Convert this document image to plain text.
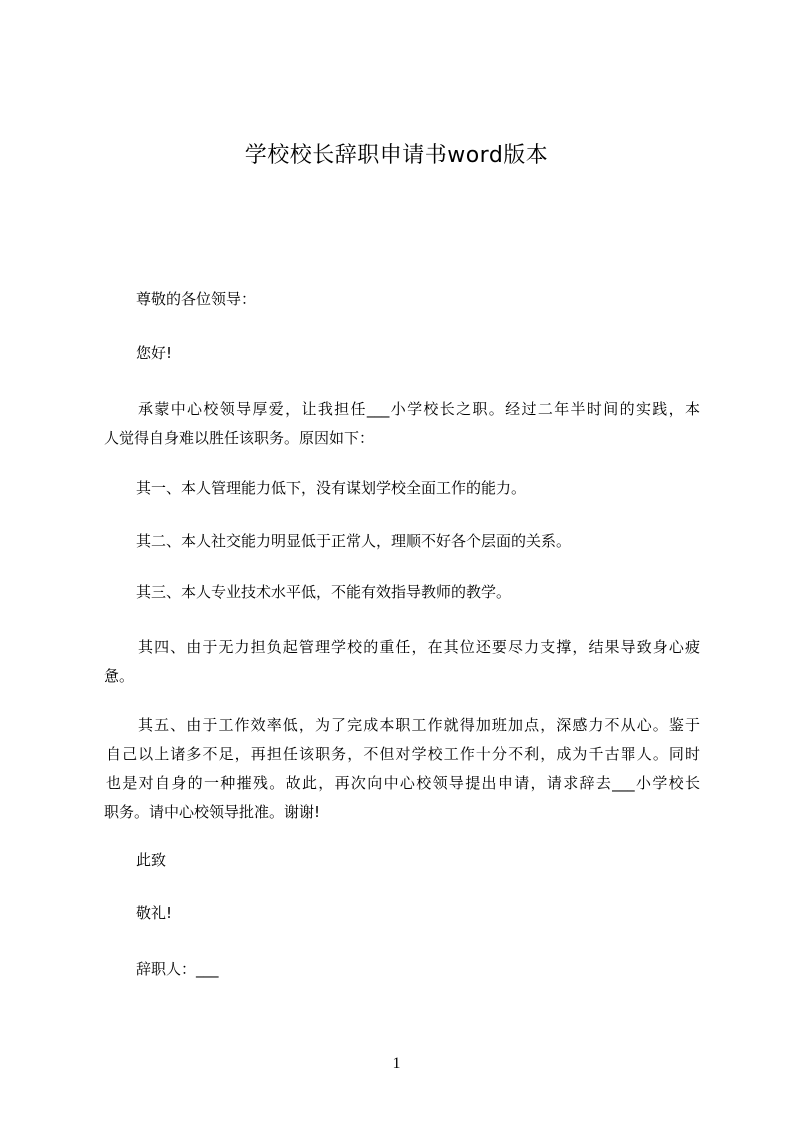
学校校长辞职申请书word版本
尊敬的各位领导：
您好!
承蒙中心校领导厚爱，让我担任___小学校长之职。经过二年半时间的实践，本
人觉得自身难以胜任该职务。原因如下：
其一、本人管理能力低下，没有谋划学校全面工作的能力。
其二、本人社交能力明显低于正常人，理顺不好各个层面的关系。
其三、本人专业技术水平低，不能有效指导教师的教学。
其四、由于无力担负起管理学校的重任，在其位还要尽力支撑，结果导致身心疲
惫。
其五、由于工作效率低，为了完成本职工作就得加班加点，深感力不从心。鉴于
自己以上诸多不足，再担任该职务，不但对学校工作十分不利，成为千古罪人。同时
也是对自身的一种摧残。故此，再次向中心校领导提出申请，请求辞去___小学校长
职务。请中心校领导批准。谢谢!
此致
敬礼!
辞职人：___
1
